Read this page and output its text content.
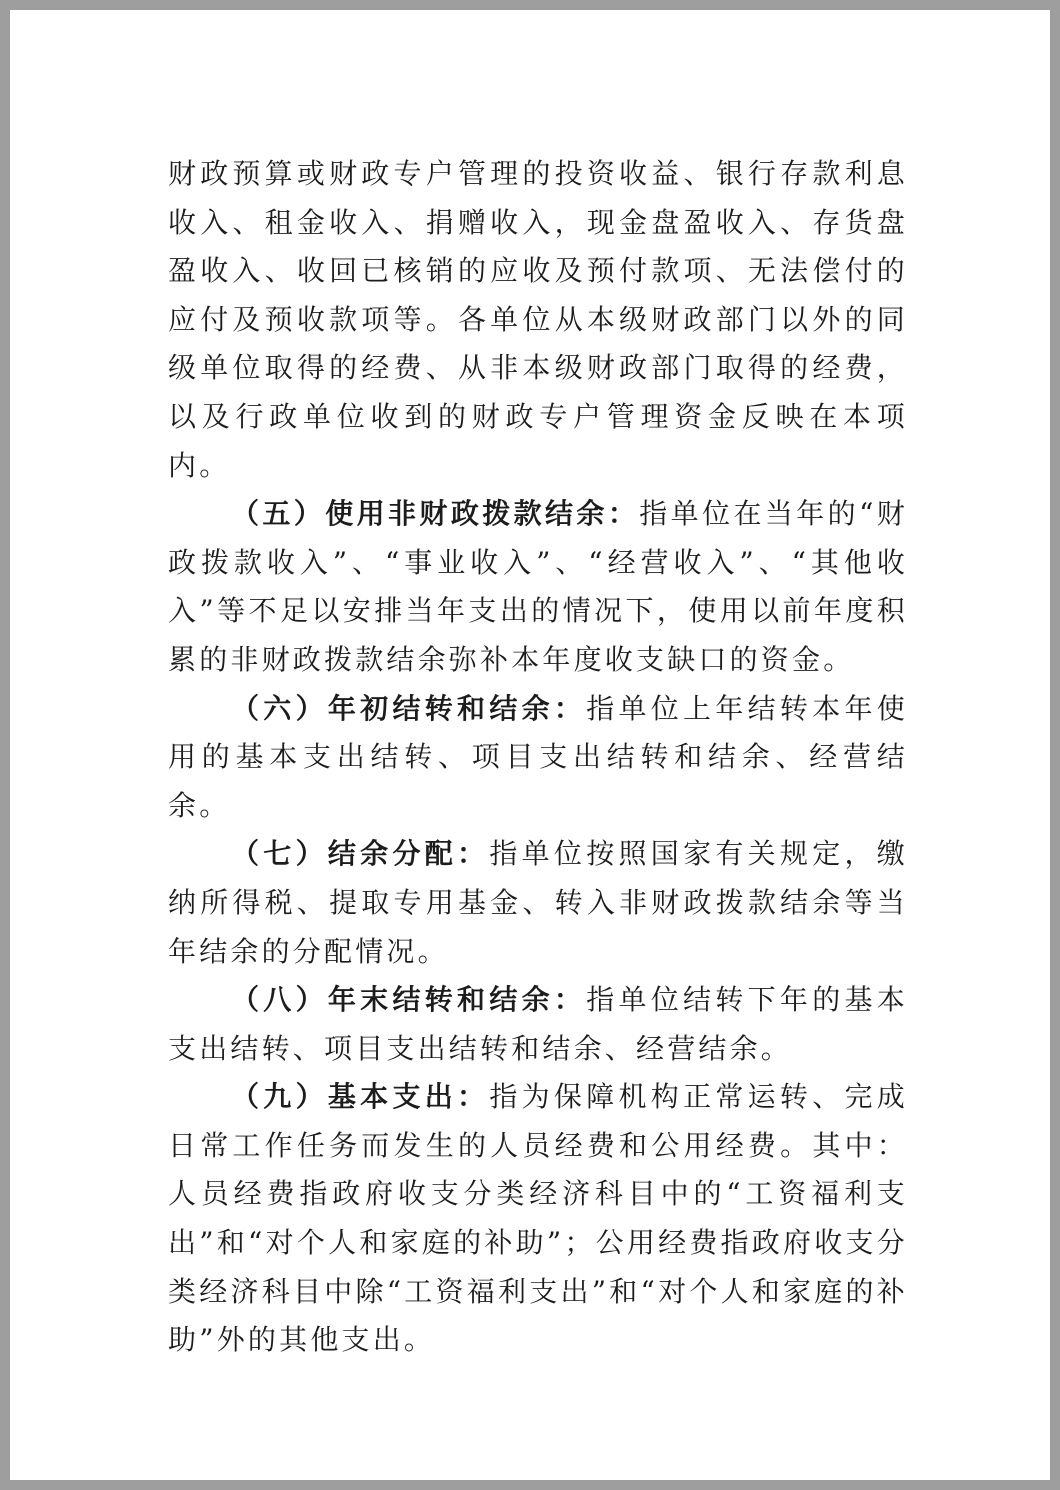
财政预算或财政专户管理的投资收益、银行存款利息收入、租金收入、捐赠收入，现金盘盈收入、存货盘盈收入、收回已核销的应收及预付款项、无法偿付的应付及预收款项等。各单位从本级财政部门以外的同级单位取得的经费、从非本级财政部门取得的经费，以及行政单位收到的财政专户管理资金反映在本项内。

（五）使用非财政拨款结余：指单位在当年的“财政拨款收入”、“事业收入”、“经营收入”、“其他收入”等不足以安排当年支出的情况下，使用以前年度积累的非财政拨款结余弥补本年度收支缺口的资金。

（六）年初结转和结余：指单位上年结转本年使用的基本支出结转、项目支出结转和结余、经营结余。

（七）结余分配：指单位按照国家有关规定，缴纳所得税、提取专用基金、转入非财政拨款结余等当年结余的分配情况。

（八）年末结转和结余：指单位结转下年的基本支出结转、项目支出结转和结余、经营结余。

（九）基本支出：指为保障机构正常运转、完成日常工作任务而发生的人员经费和公用经费。其中：人员经费指政府收支分类经济科目中的“工资福利支出”和“对个人和家庭的补助”；公用经费指政府收支分类经济科目中除“工资福利支出”和“对个人和家庭的补助”外的其他支出。
